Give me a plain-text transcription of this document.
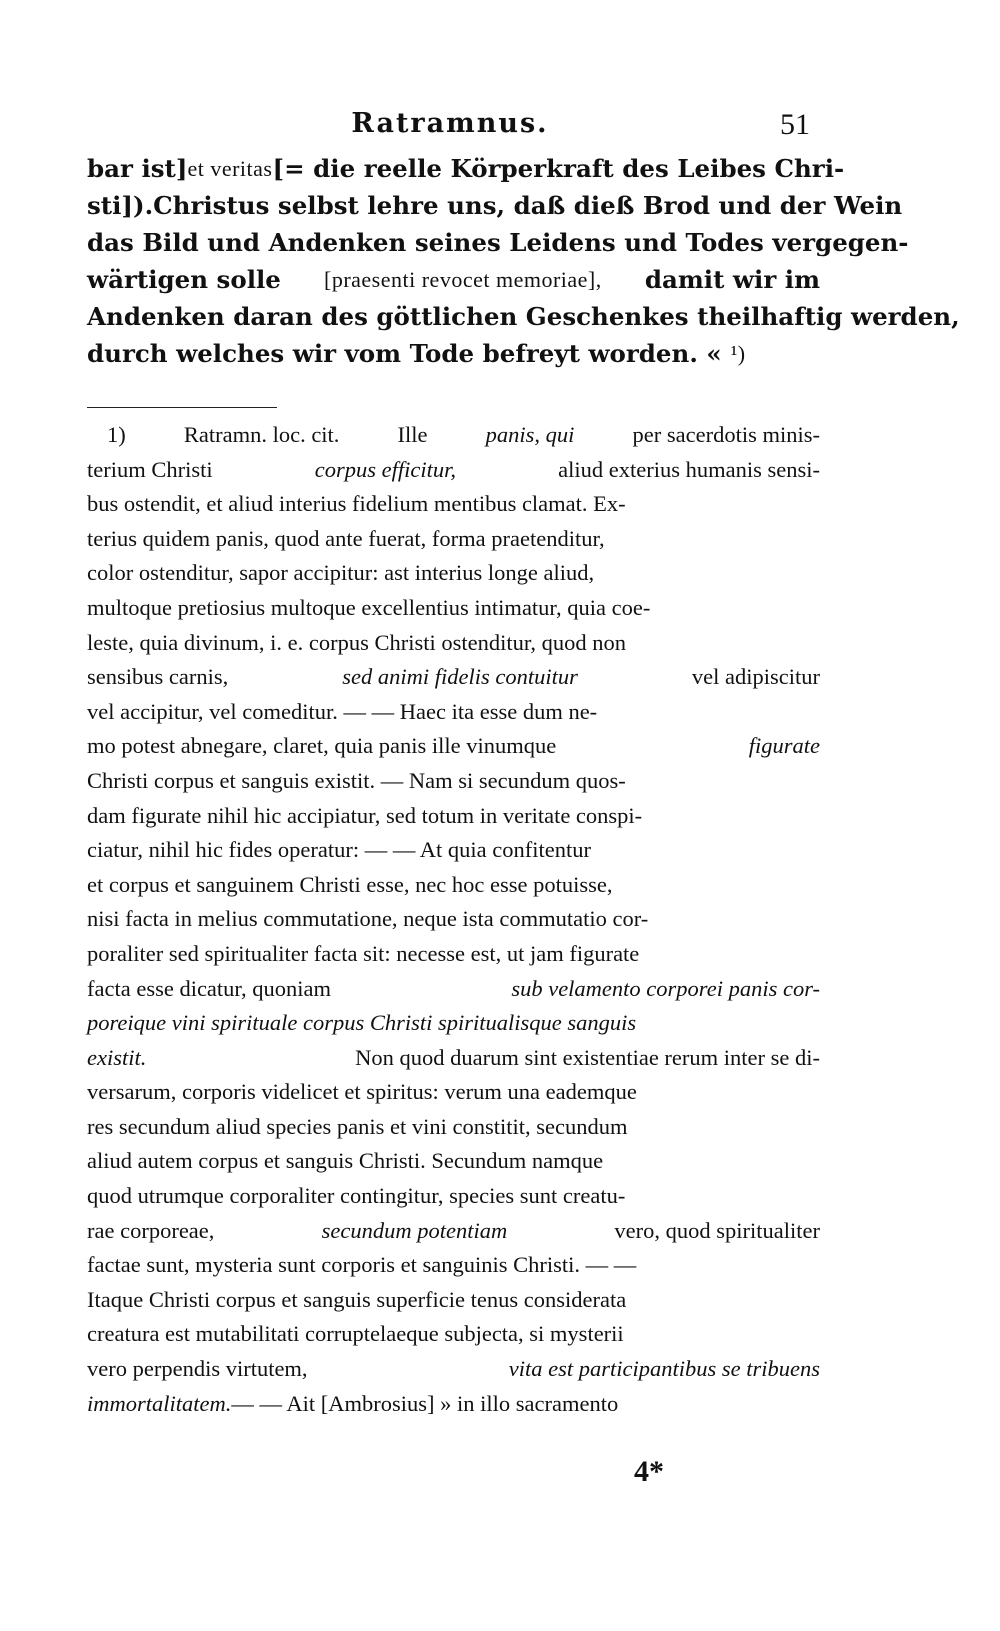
Ratramnus.	51
bar ist] et veritas [= die reelle Körperkraft des Leibes Chri-
sti]). Christus selbst lehre uns, daß dieß Brod und der Wein
das Bild und Andenken seines Leidens und Todes vergegen-
wärtigen solle [praesenti revocet memoriae], damit wir im
Andenken daran des göttlichen Geschenkes theilhaftig werden,
durch welches wir vom Tode befreyt worden. « ¹)
1)	Ratramn. loc. cit.	Ille	panis, qui	per sacerdotis minis-
terium Christi	corpus efficitur,	aliud exterius humanis sensi-
bus ostendit, et aliud interius fidelium mentibus clamat. Ex-
terius quidem panis, quod ante fuerat, forma praetenditur,
color ostenditur, sapor accipitur: ast interius longe aliud,
multoque pretiosius multoque excellentius intimatur, quia coe-
leste, quia divinum, i. e. corpus Christi ostenditur, quod non
sensibus carnis,	sed animi fidelis contuitur	vel adipiscitur
vel accipitur, vel comeditur. — — Haec ita esse dum ne-
mo potest abnegare, claret, quia panis ille vinumque	figurate
Christi corpus et sanguis existit. — Nam si secundum quos-
dam figurate nihil hic accipiatur, sed totum in veritate conspi-
ciatur, nihil hic fides operatur: — — At quia confitentur
et corpus et sanguinem Christi esse, nec hoc esse potuisse,
nisi facta in melius commutatione, neque ista commutatio cor-
poraliter sed spiritualiter facta sit: necesse est, ut jam figurate
facta esse dicatur, quoniam	sub velamento corporei panis cor-
poreique vini spirituale corpus Christi spiritualisque sanguis
existit.	Non quod duarum sint existentiae rerum inter se di-
versarum, corporis videlicet et spiritus: verum una eademque
res secundum aliud species panis et vini constitit, secundum
aliud autem corpus et sanguis Christi. Secundum namque
quod utrumque corporaliter contingitur, species sunt creatu-
rae corporeae,	secundum potentiam	vero, quod spiritualiter
factae sunt, mysteria sunt corporis et sanguinis Christi. — —
Itaque Christi corpus et sanguis superficie tenus considerata
creatura est mutabilitati corruptelaeque subjecta, si mysterii
vero perpendis virtutem,	vita est participantibus se tribuens
immortalitatem. — — Ait [Ambrosius] » in illo sacramento
4*
